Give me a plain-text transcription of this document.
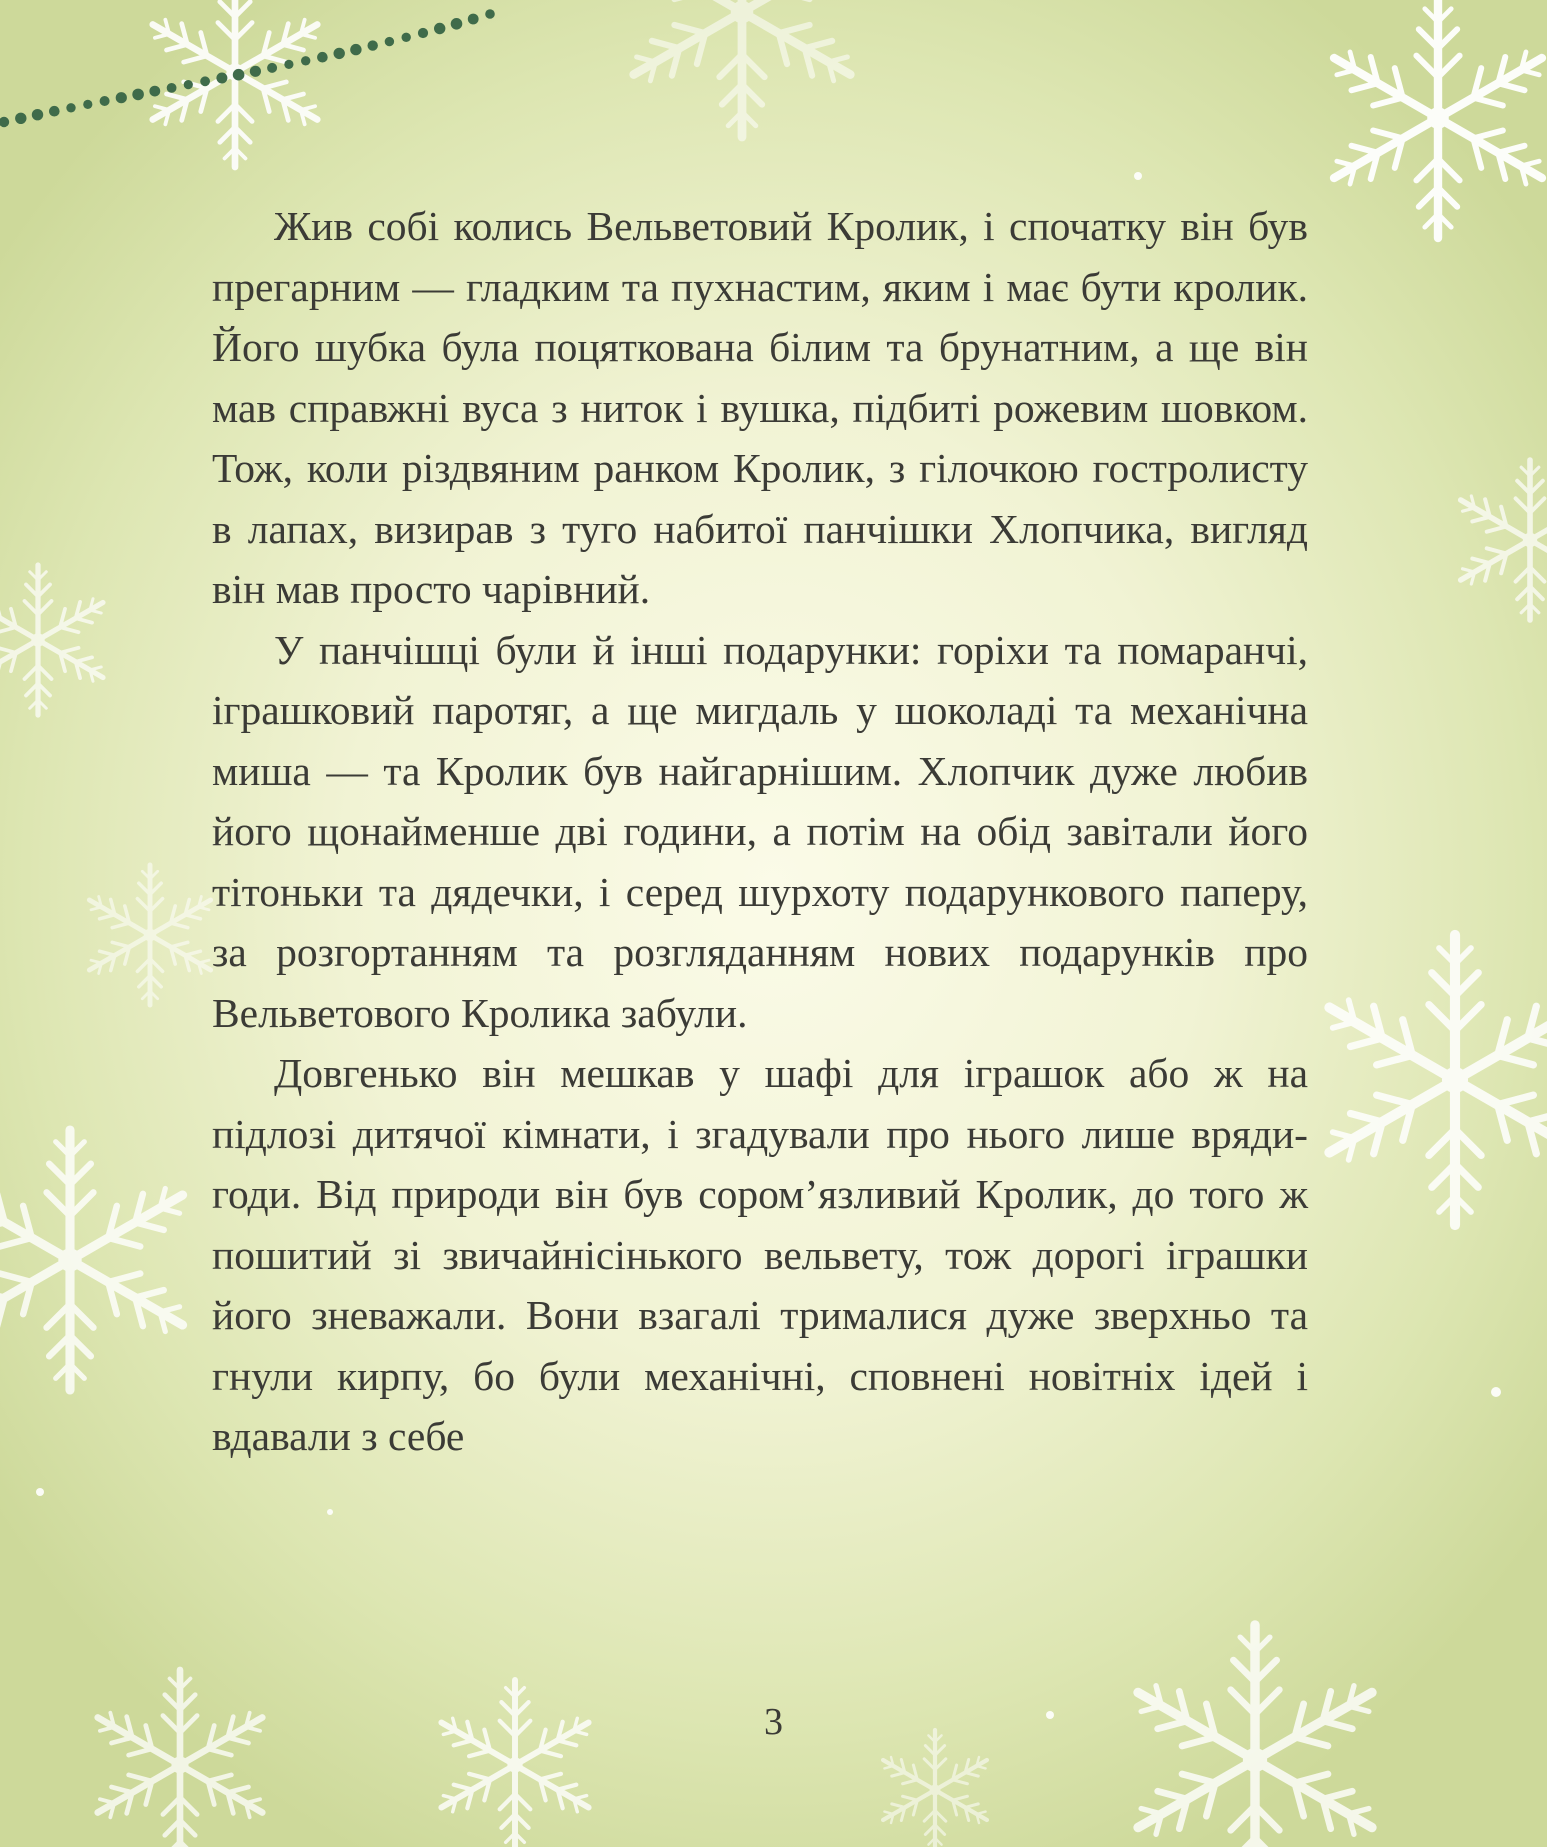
Жив собі колись Вельветовий Кролик, і спочатку він був прегарним — гладким та пухнастим, яким і має бути кролик. Його шубка була поцяткована білим та брунатним, а ще він мав справжні вуса з ниток і вушка, підбиті рожевим шовком. Тож, коли різдвяним ранком Кролик, з гілочкою гостролисту в лапах, визирав з туго набитої панчішки Хлопчика, вигляд він мав просто чарівний.

У панчішці були й інші подарунки: горіхи та помаранчі, іграшковий паротяг, а ще мигдаль у шоколаді та механічна миша — та Кролик був найгарнішим. Хлопчик дуже любив його щонайменше дві години, а потім на обід завітали його тітоньки та дядечки, і серед шурхоту подарункового паперу, за розгортанням та розгляданням нових подарунків про Вельветового Кролика забули.

Довгенько він мешкав у шафі для іграшок або ж на підлозі дитячої кімнати, і згадували про нього лише вряди-годи. Від природи він був сором’язливий Кролик, до того ж пошитий зі звичайнісінького вельвету, тож дорогі іграшки його зневажали. Вони взагалі трималися дуже зверхньо та гнули кирпу, бо були механічні, сповнені новітніх ідей і вдавали з себе

3
